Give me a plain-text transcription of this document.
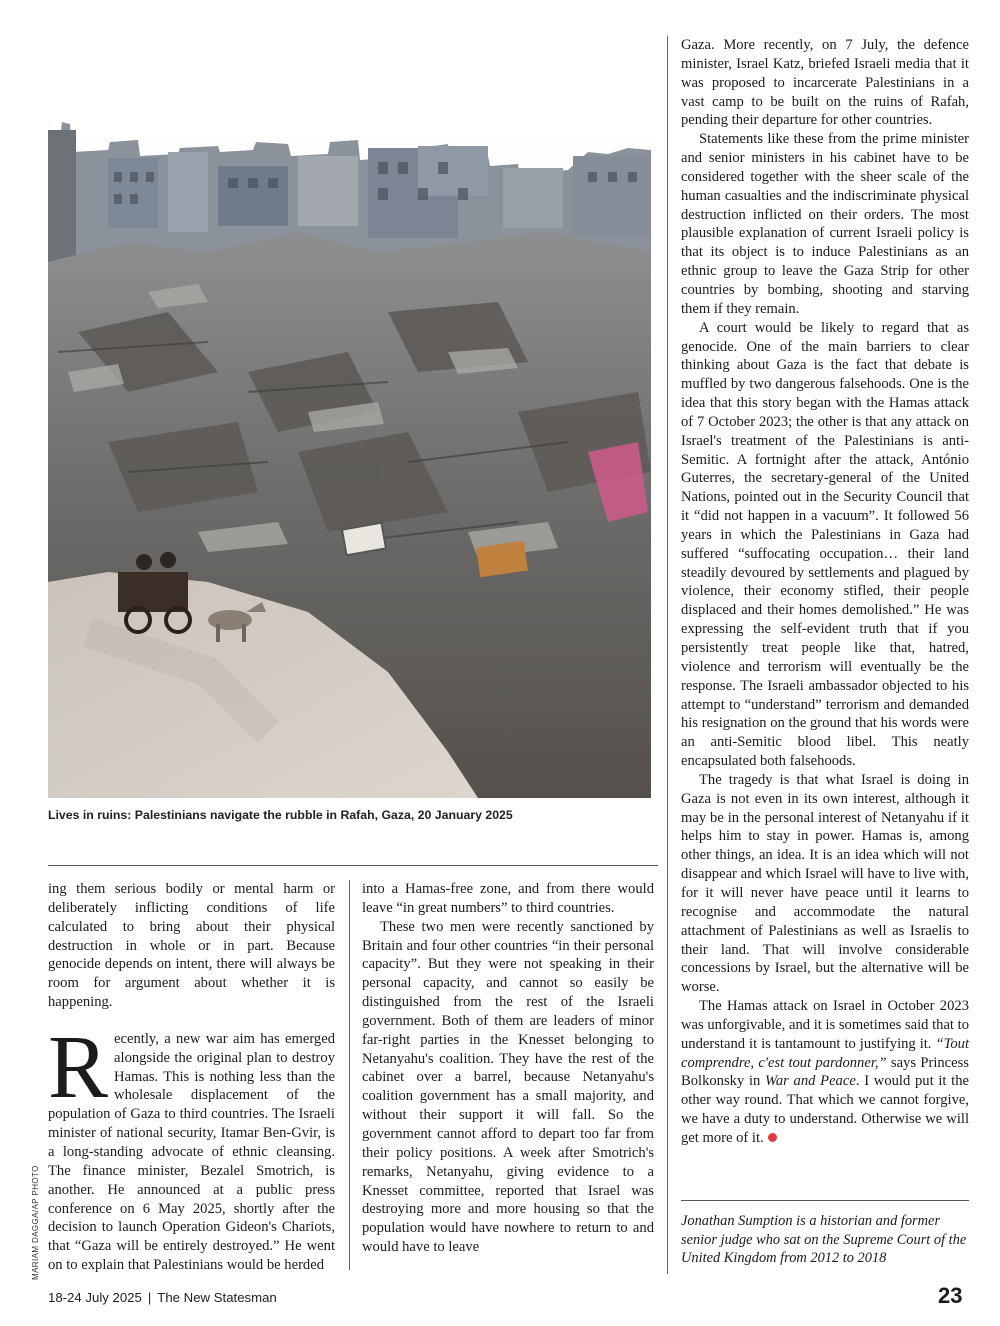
Lives in ruins: Palestinians navigate the rubble in Rafah, Gaza, 20 January 2025
MARIAM DAGGA/AP PHOTO

ing them serious bodily or mental harm or deliberately inflicting conditions of life calculated to bring about their physical destruction in whole or in part. Because genocide depends on intent, there will always be room for argument about whether it is happening.

R ecently, a new war aim has emerged alongside the original plan to destroy Hamas. This is nothing less than the wholesale displacement of the population of Gaza to third countries. The Israeli minister of national security, Itamar Ben-Gvir, is a long-standing advocate of ethnic cleansing. The finance minister, Bezalel Smotrich, is another. He announced at a public press conference on 6 May 2025, shortly after the decision to launch Operation Gideon's Chariots, that “Gaza will be entirely destroyed.” He went on to explain that Palestinians would be herded

into a Hamas-free zone, and from there would leave “in great numbers” to third countries.

These two men were recently sanctioned by Britain and four other countries “in their personal capacity”. But they were not speaking in their personal capacity, and cannot so easily be distinguished from the rest of the Israeli government. Both of them are leaders of minor far-right parties in the Knesset belonging to Netanyahu's coalition. They have the rest of the cabinet over a barrel, because Netanyahu's coalition government has a small majority, and without their support it will fall. So the government cannot afford to depart too far from their policy positions. A week after Smotrich's remarks, Netanyahu, giving evidence to a Knesset committee, reported that Israel was destroying more and more housing so that the population would have nowhere to return to and would have to leave

Gaza. More recently, on 7 July, the defence minister, Israel Katz, briefed Israeli media that it was proposed to incarcerate Palestinians in a vast camp to be built on the ruins of Rafah, pending their departure for other countries.

Statements like these from the prime minister and senior ministers in his cabinet have to be considered together with the sheer scale of the human casualties and the indiscriminate physical destruction inflicted on their orders. The most plausible explanation of current Israeli policy is that its object is to induce Palestinians as an ethnic group to leave the Gaza Strip for other countries by bombing, shooting and starving them if they remain.

A court would be likely to regard that as genocide. One of the main barriers to clear thinking about Gaza is the fact that debate is muffled by two dangerous falsehoods. One is the idea that this story began with the Hamas attack of 7 October 2023; the other is that any attack on Israel's treatment of the Palestinians is anti-Semitic. A fortnight after the attack, António Guterres, the secretary-general of the United Nations, pointed out in the Security Council that it “did not happen in a vacuum”. It followed 56 years in which the Palestinians in Gaza had suffered “suffocating occupation… their land steadily devoured by settlements and plagued by violence, their economy stifled, their people displaced and their homes demolished.” He was expressing the self-evident truth that if you persistently treat people like that, hatred, violence and terrorism will eventually be the response. The Israeli ambassador objected to his attempt to “understand” terrorism and demanded his resignation on the ground that his words were an anti-Semitic blood libel. This neatly encapsulated both falsehoods.

The tragedy is that what Israel is doing in Gaza is not even in its own interest, although it may be in the personal interest of Netanyahu if it helps him to stay in power. Hamas is, among other things, an idea. It is an idea which will not disappear and which Israel will have to live with, for it will never have peace until it learns to recognise and accommodate the natural attachment of Palestinians as well as Israelis to their land. That will involve considerable concessions by Israel, but the alternative will be worse.

The Hamas attack on Israel in October 2023 was unforgivable, and it is sometimes said that to understand it is tantamount to justifying it. “Tout comprendre, c'est tout pardonner,” says Princess Bolkonsky in War and Peace. I would put it the other way round. That which we cannot forgive, we have a duty to understand. Otherwise we will get more of it.

Jonathan Sumption is a historian and former senior judge who sat on the Supreme Court of the United Kingdom from 2012 to 2018
18-24 July 2025 | The New Statesman	23
